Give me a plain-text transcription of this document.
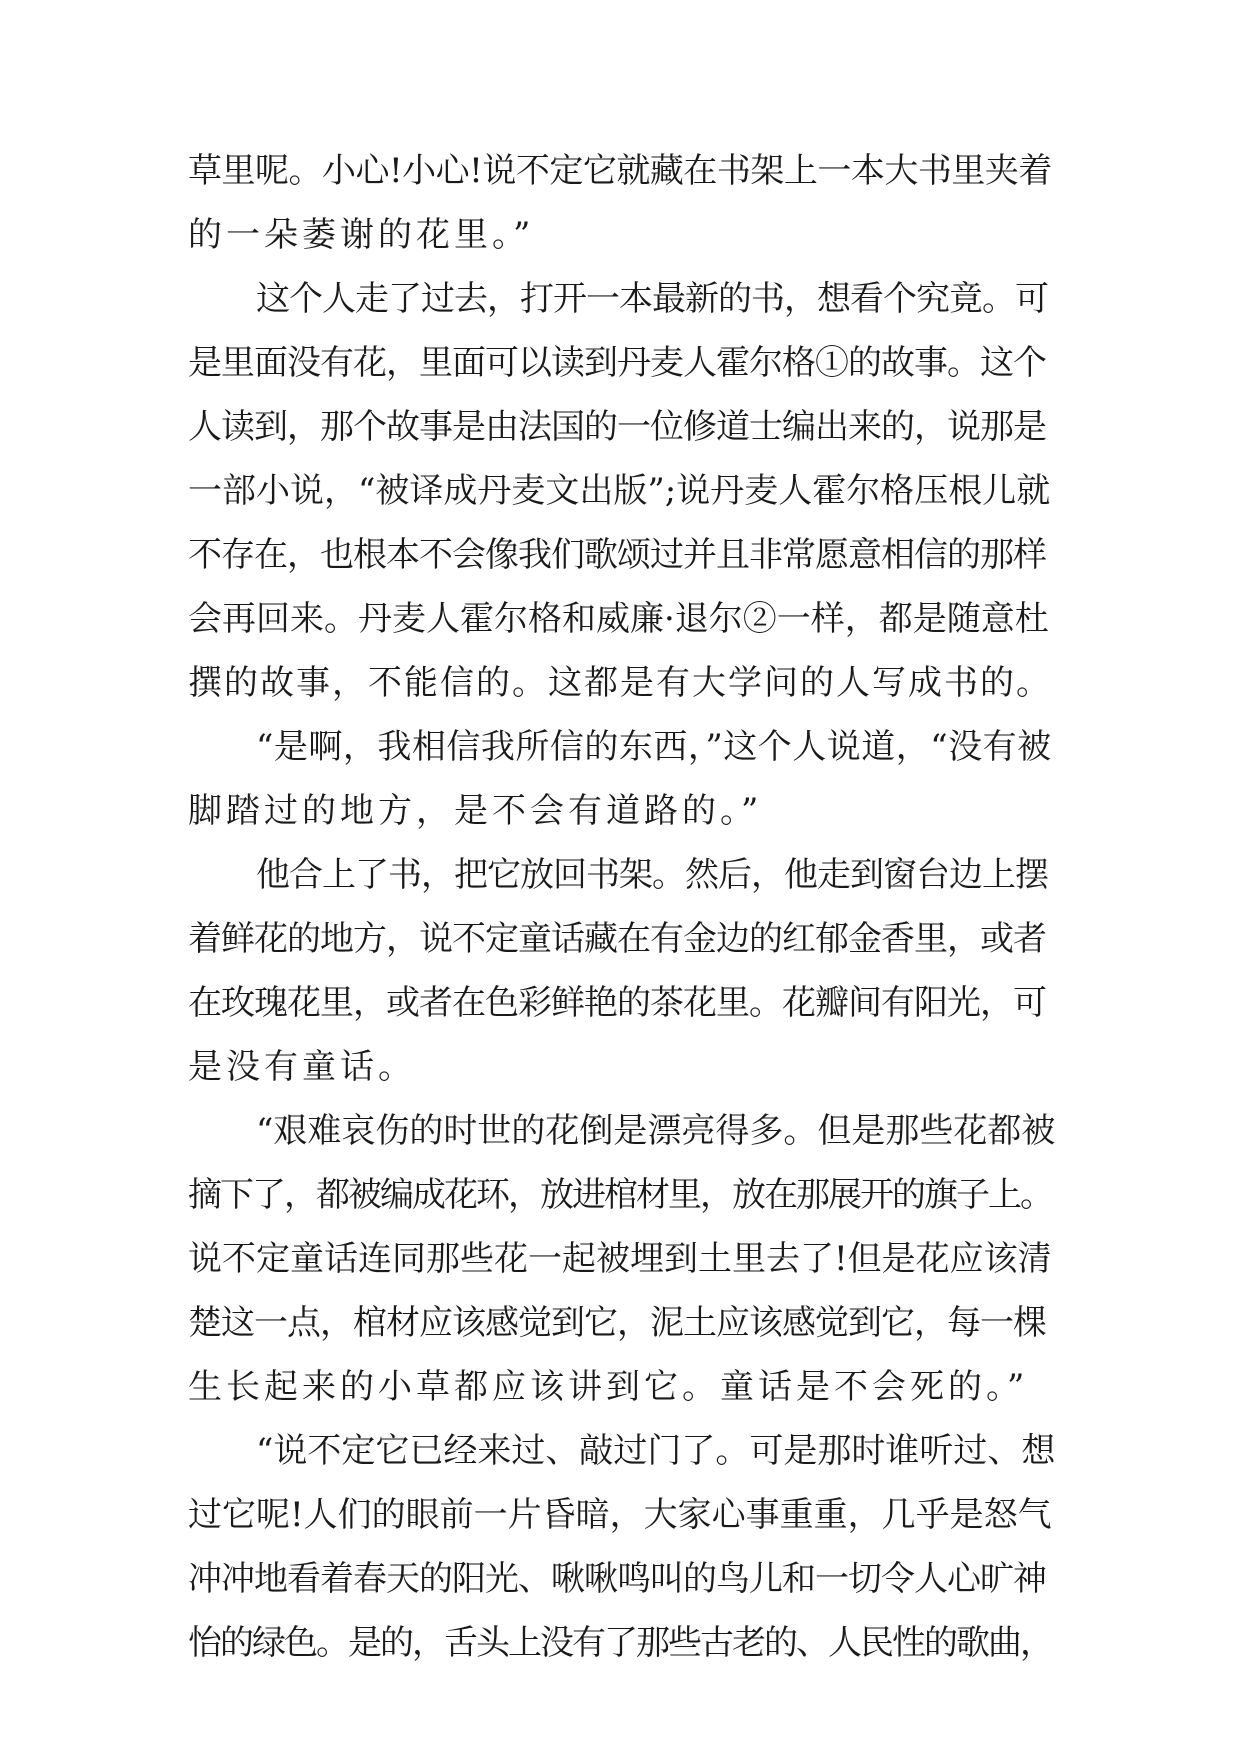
草里呢。小心!小心!说不定它就藏在书架上一本大书里夹着
的一朵萎谢的花里。”
这个人走了过去，打开一本最新的书，想看个究竟。可
是里面没有花，里面可以读到丹麦人霍尔格①的故事。这个
人读到，那个故事是由法国的一位修道士编出来的，说那是
一部小说，“被译成丹麦文出版”;说丹麦人霍尔格压根儿就
不存在，也根本不会像我们歌颂过并且非常愿意相信的那样
会再回来。丹麦人霍尔格和威廉·退尔②一样，都是随意杜
撰的故事，不能信的。这都是有大学问的人写成书的。
“是啊，我相信我所信的东西，”这个人说道，“没有被
脚踏过的地方，是不会有道路的。”
他合上了书，把它放回书架。然后，他走到窗台边上摆
着鲜花的地方，说不定童话藏在有金边的红郁金香里，或者
在玫瑰花里，或者在色彩鲜艳的茶花里。花瓣间有阳光，可
是没有童话。
“艰难哀伤的时世的花倒是漂亮得多。但是那些花都被
摘下了，都被编成花环，放进棺材里，放在那展开的旗子上。
说不定童话连同那些花一起被埋到土里去了!但是花应该清
楚这一点，棺材应该感觉到它，泥土应该感觉到它，每一棵
生长起来的小草都应该讲到它。童话是不会死的。”
“说不定它已经来过、敲过门了。可是那时谁听过、想
过它呢!人们的眼前一片昏暗，大家心事重重，几乎是怒气
冲冲地看着春天的阳光、啾啾鸣叫的鸟儿和一切令人心旷神
怡的绿色。是的，舌头上没有了那些古老的、人民性的歌曲，
